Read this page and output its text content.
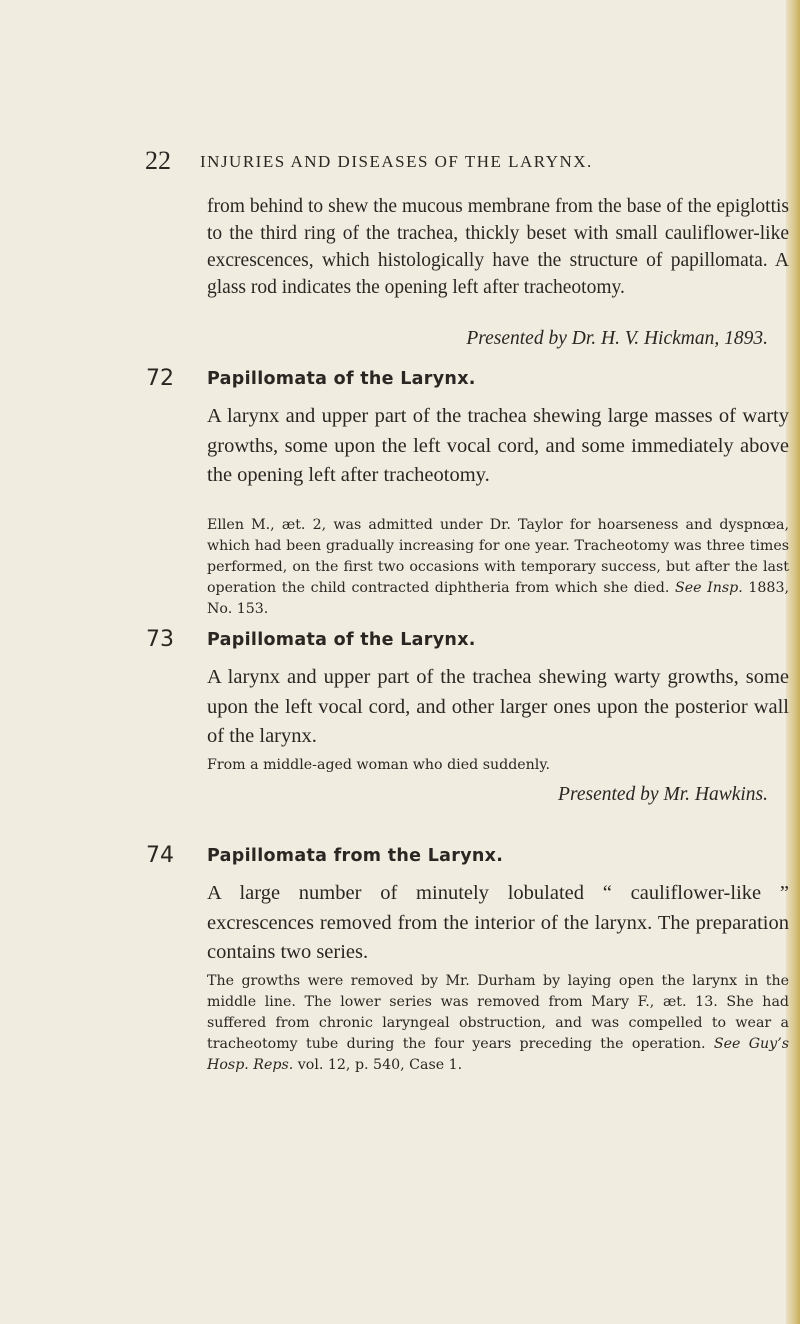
22 INJURIES AND DISEASES OF THE LARYNX.

from behind to shew the mucous membrane from the base of the epiglottis to the third ring of the trachea, thickly beset with small cauliflower-like excrescences, which histologically have the structure of papillomata. A glass rod indicates the opening left after tracheotomy.

Presented by Dr. H. V. Hickman, 1893.
72 Papillomata of the Larynx.

A larynx and upper part of the trachea shewing large masses of warty growths, some upon the left vocal cord, and some immediately above the opening left after tracheotomy.

Ellen M., æt. 2, was admitted under Dr. Taylor for hoarseness and dyspnœa, which had been gradually increasing for one year. Tracheotomy was three times performed, on the first two occasions with temporary success, but after the last operation the child contracted diphtheria from which she died. See Insp. 1883, No. 153.

73 Papillomata of the Larynx.

A larynx and upper part of the trachea shewing warty growths, some upon the left vocal cord, and other larger ones upon the posterior wall of the larynx.

From a middle-aged woman who died suddenly.

Presented by Mr. Hawkins.
74 Papillomata from the Larynx.

A large number of minutely lobulated “ cauliflower-like ” excrescences removed from the interior of the larynx. The preparation contains two series.

The growths were removed by Mr. Durham by laying open the larynx in the middle line. The lower series was removed from Mary F., æt. 13. She had suffered from chronic laryngeal obstruction, and was compelled to wear a tracheotomy tube during the four years preceding the operation. See Guy’s Hosp. Reps. vol. 12, p. 540, Case 1.
